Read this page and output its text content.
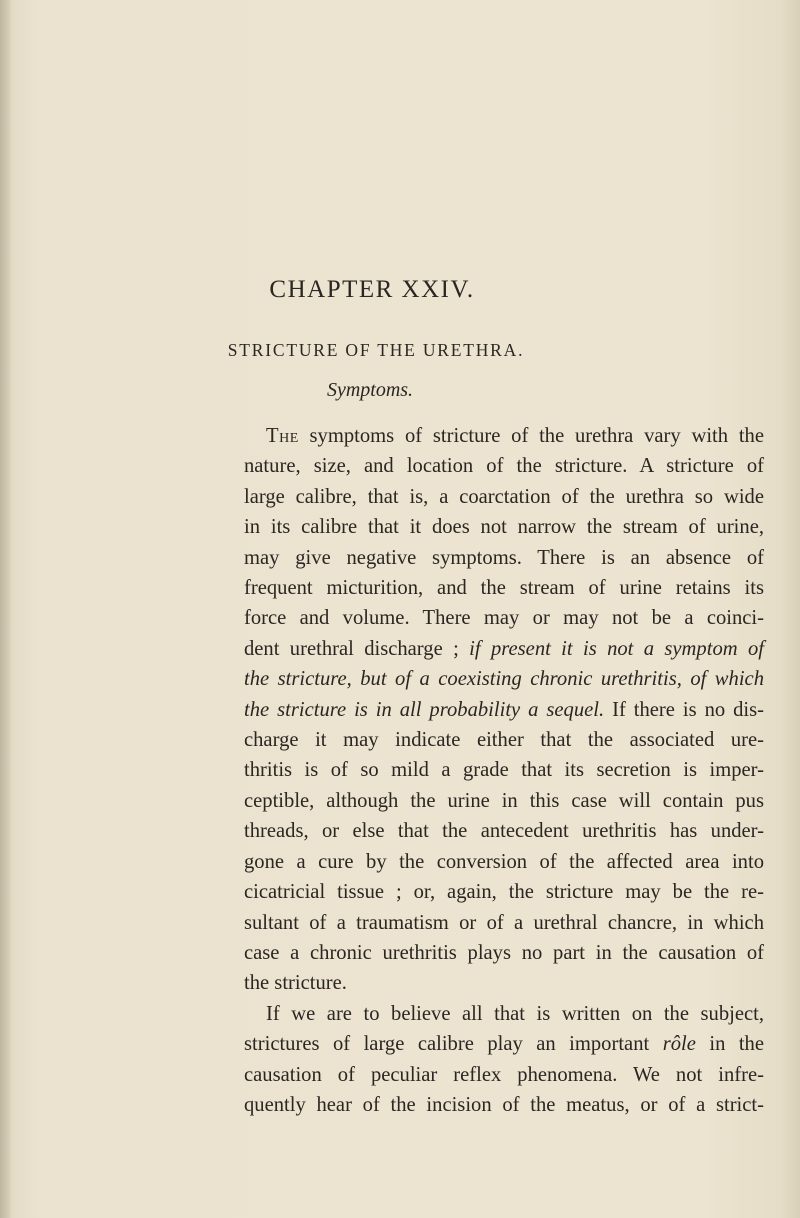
CHAPTER XXIV.
STRICTURE OF THE URETHRA.
Symptoms.
The symptoms of stricture of the urethra vary with the
nature, size, and location of the stricture. A stricture of
large calibre, that is, a coarctation of the urethra so wide
in its calibre that it does not narrow the stream of urine,
may give negative symptoms. There is an absence of
frequent micturition, and the stream of urine retains its
force and volume. There may or may not be a coinci-
dent urethral discharge ; if present it is not a symptom of
the stricture, but of a coexisting chronic urethritis, of which
the stricture is in all probability a sequel. If there is no dis-
charge it may indicate either that the associated ure-
thritis is of so mild a grade that its secretion is imper-
ceptible, although the urine in this case will contain pus
threads, or else that the antecedent urethritis has under-
gone a cure by the conversion of the affected area into
cicatricial tissue ; or, again, the stricture may be the re-
sultant of a traumatism or of a urethral chancre, in which
case a chronic urethritis plays no part in the causation of
the stricture.
If we are to believe all that is written on the subject,
strictures of large calibre play an important rôle in the
causation of peculiar reflex phenomena. We not infre-
quently hear of the incision of the meatus, or of a strict-
